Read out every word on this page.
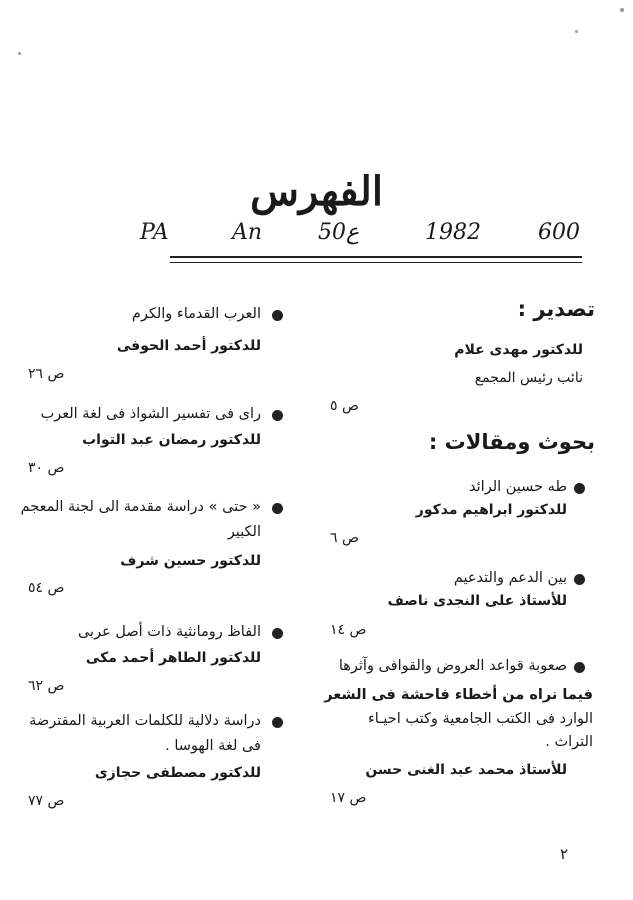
الفهرس
PA	An	50ع	1982	600
تصدير :
للدكتور مهدى علام
نائب رئيس المجمع
ص ٥
بحوث ومقالات :
طه حسين الرائد
للدكتور ابراهيم مدكور
ص ٦
بين الدعم والتدعيم
للأستاذ على النجدى ناصف
ص ١٤
صعوبة قواعد العروض والقوافى وآثرها
فيما نراه من أخطاء فاحشة فى الشعر
الوارد فى الكتب الجامعية وكتب احيـاء
التراث .
للأستاذ محمد عبد الغنى حسن
ص ١٧
العرب القدماء والكرم
للدكتور أحمد الحوفى
ص ٢٦
راى فى تفسير الشواذ فى لغة العرب
للدكتور رمضان عبد التواب
ص ٣٠
« حتى » دراسة مقدمة الى لجنة المعجم
الكبير
للدكتور حسين شرف
ص ٥٤
الفاظ رومانثية ذات أصل عربى
للدكتور الطاهر أحمد مكى
ص ٦٢
دراسة دلالية للكلمات العربية المقترضة
فى لغة الهوسا .
للدكتور مصطفى حجازى
ص ٧٧
٢
